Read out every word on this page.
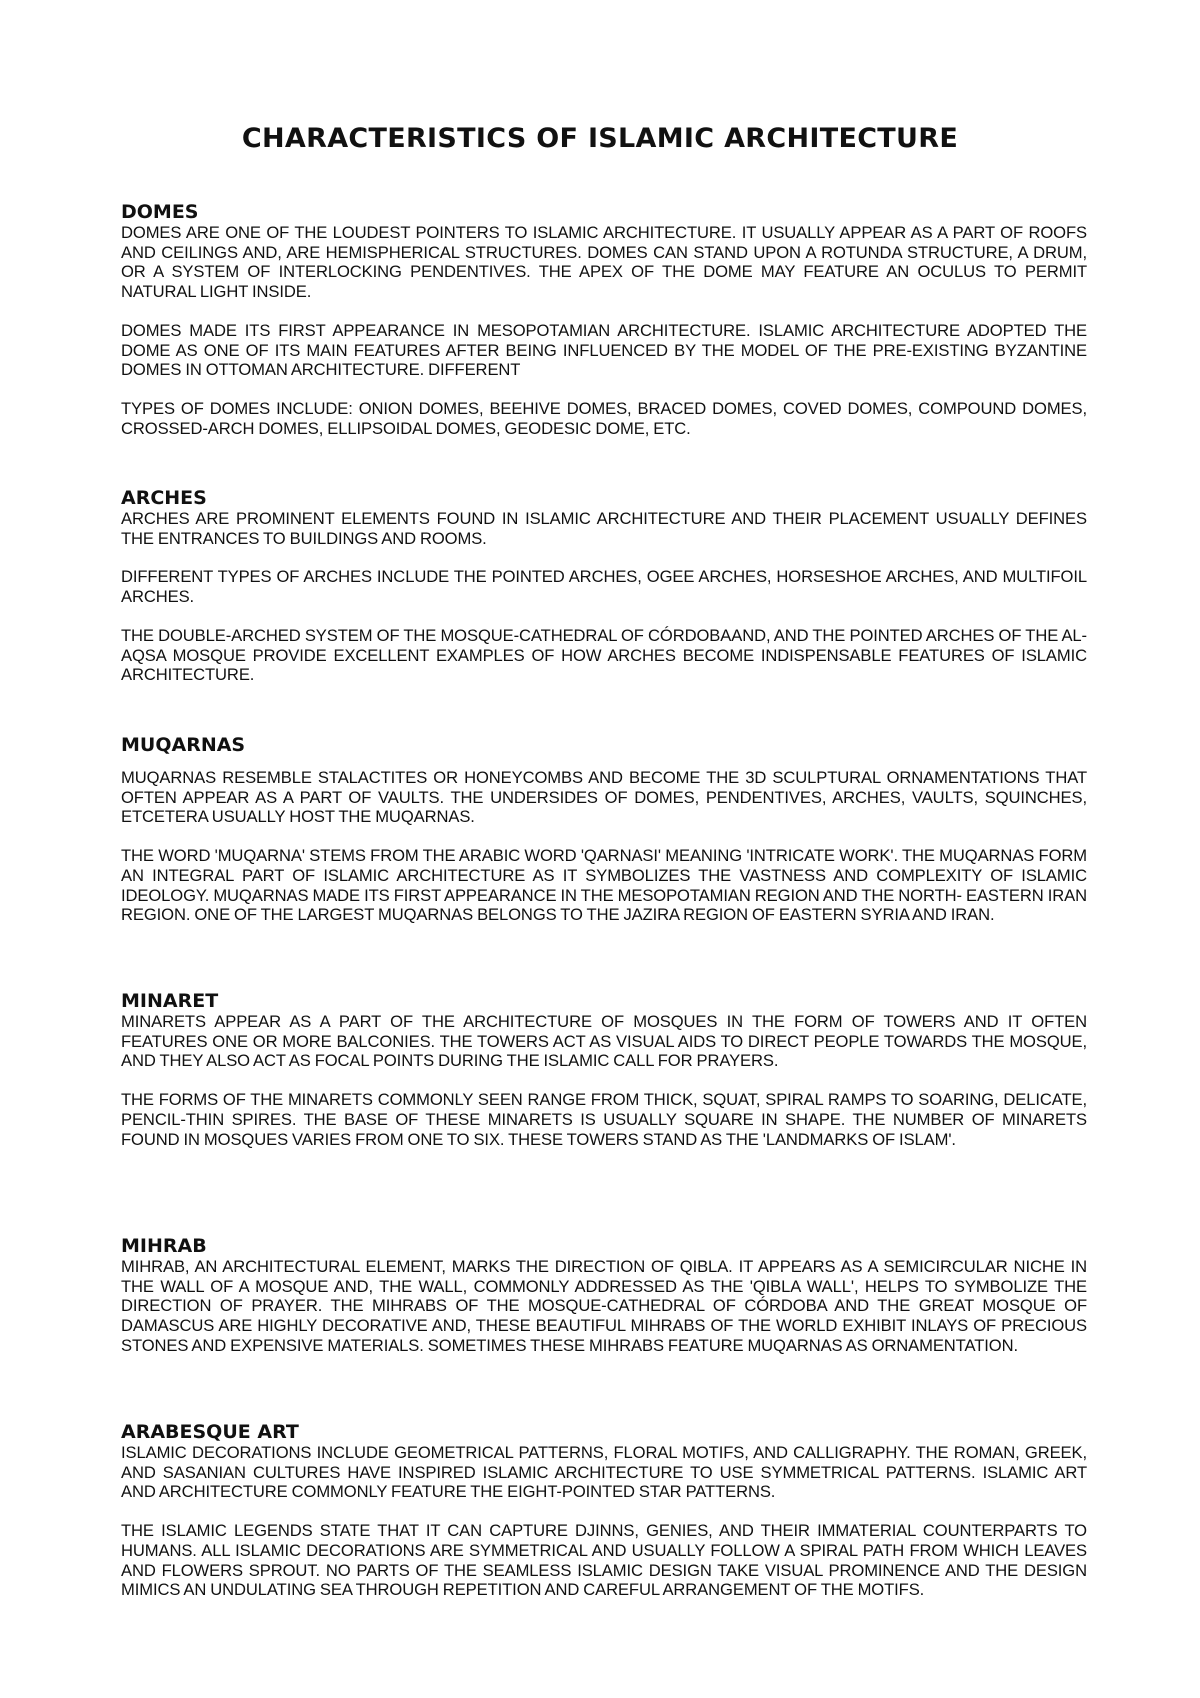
CHARACTERISTICS OF ISLAMIC ARCHITECTURE
DOMES

DOMES ARE ONE OF THE LOUDEST POINTERS TO ISLAMIC ARCHITECTURE. IT USUALLY APPEAR AS A PART OF ROOFS AND CEILINGS AND, ARE HEMISPHERICAL STRUCTURES. DOMES CAN STAND UPON A ROTUNDA STRUCTURE, A DRUM, OR A SYSTEM OF INTERLOCKING PENDENTIVES. THE APEX OF THE DOME MAY FEATURE AN OCULUS TO PERMIT NATURAL LIGHT INSIDE.

DOMES MADE ITS FIRST APPEARANCE IN MESOPOTAMIAN ARCHITECTURE. ISLAMIC ARCHITECTURE ADOPTED THE DOME AS ONE OF ITS MAIN FEATURES AFTER BEING INFLUENCED BY THE MODEL OF THE PRE-EXISTING BYZANTINE DOMES IN OTTOMAN ARCHITECTURE. DIFFERENT

TYPES OF DOMES INCLUDE: ONION DOMES, BEEHIVE DOMES, BRACED DOMES, COVED DOMES, COMPOUND DOMES, CROSSED-ARCH DOMES, ELLIPSOIDAL DOMES, GEODESIC DOME, ETC.

ARCHES

ARCHES ARE PROMINENT ELEMENTS FOUND IN ISLAMIC ARCHITECTURE AND THEIR PLACEMENT USUALLY DEFINES THE ENTRANCES TO BUILDINGS AND ROOMS.

DIFFERENT TYPES OF ARCHES INCLUDE THE POINTED ARCHES, OGEE ARCHES, HORSESHOE ARCHES, AND MULTIFOIL ARCHES.

THE DOUBLE-ARCHED SYSTEM OF THE MOSQUE-CATHEDRAL OF CÓRDOBAAND, AND THE POINTED ARCHES OF THE AL-AQSA MOSQUE PROVIDE EXCELLENT EXAMPLES OF HOW ARCHES BECOME INDISPENSABLE FEATURES OF ISLAMIC ARCHITECTURE.

MUQARNAS

MUQARNAS RESEMBLE STALACTITES OR HONEYCOMBS AND BECOME THE 3D SCULPTURAL ORNAMENTATIONS THAT OFTEN APPEAR AS A PART OF VAULTS. THE UNDERSIDES OF DOMES, PENDENTIVES, ARCHES, VAULTS, SQUINCHES, ETCETERA USUALLY HOST THE MUQARNAS.

THE WORD 'MUQARNA' STEMS FROM THE ARABIC WORD 'QARNASI' MEANING 'INTRICATE WORK'. THE MUQARNAS FORM AN INTEGRAL PART OF ISLAMIC ARCHITECTURE AS IT SYMBOLIZES THE VASTNESS AND COMPLEXITY OF ISLAMIC IDEOLOGY. MUQARNAS MADE ITS FIRST APPEARANCE IN THE MESOPOTAMIAN REGION AND THE NORTH- EASTERN IRAN REGION. ONE OF THE LARGEST MUQARNAS BELONGS TO THE JAZIRA REGION OF EASTERN SYRIA AND IRAN.

MINARET

MINARETS APPEAR AS A PART OF THE ARCHITECTURE OF MOSQUES IN THE FORM OF TOWERS AND IT OFTEN FEATURES ONE OR MORE BALCONIES. THE TOWERS ACT AS VISUAL AIDS TO DIRECT PEOPLE TOWARDS THE MOSQUE, AND THEY ALSO ACT AS FOCAL POINTS DURING THE ISLAMIC CALL FOR PRAYERS.

THE FORMS OF THE MINARETS COMMONLY SEEN RANGE FROM THICK, SQUAT, SPIRAL RAMPS TO SOARING, DELICATE, PENCIL-THIN SPIRES. THE BASE OF THESE MINARETS IS USUALLY SQUARE IN SHAPE. THE NUMBER OF MINARETS FOUND IN MOSQUES VARIES FROM ONE TO SIX. THESE TOWERS STAND AS THE 'LANDMARKS OF ISLAM'.

MIHRAB

MIHRAB, AN ARCHITECTURAL ELEMENT, MARKS THE DIRECTION OF QIBLA. IT APPEARS AS A SEMICIRCULAR NICHE IN THE WALL OF A MOSQUE AND, THE WALL, COMMONLY ADDRESSED AS THE 'QIBLA WALL', HELPS TO SYMBOLIZE THE DIRECTION OF PRAYER. THE MIHRABS OF THE MOSQUE-CATHEDRAL OF CÓRDOBA AND THE GREAT MOSQUE OF DAMASCUS ARE HIGHLY DECORATIVE AND, THESE BEAUTIFUL MIHRABS OF THE WORLD EXHIBIT INLAYS OF PRECIOUS STONES AND EXPENSIVE MATERIALS. SOMETIMES THESE MIHRABS FEATURE MUQARNAS AS ORNAMENTATION.

ARABESQUE ART

ISLAMIC DECORATIONS INCLUDE GEOMETRICAL PATTERNS, FLORAL MOTIFS, AND CALLIGRAPHY. THE ROMAN, GREEK, AND SASANIAN CULTURES HAVE INSPIRED ISLAMIC ARCHITECTURE TO USE SYMMETRICAL PATTERNS. ISLAMIC ART AND ARCHITECTURE COMMONLY FEATURE THE EIGHT-POINTED STAR PATTERNS.

THE ISLAMIC LEGENDS STATE THAT IT CAN CAPTURE DJINNS, GENIES, AND THEIR IMMATERIAL COUNTERPARTS TO HUMANS. ALL ISLAMIC DECORATIONS ARE SYMMETRICAL AND USUALLY FOLLOW A SPIRAL PATH FROM WHICH LEAVES AND FLOWERS SPROUT. NO PARTS OF THE SEAMLESS ISLAMIC DESIGN TAKE VISUAL PROMINENCE AND THE DESIGN MIMICS AN UNDULATING SEA THROUGH REPETITION AND CAREFUL ARRANGEMENT OF THE MOTIFS.
